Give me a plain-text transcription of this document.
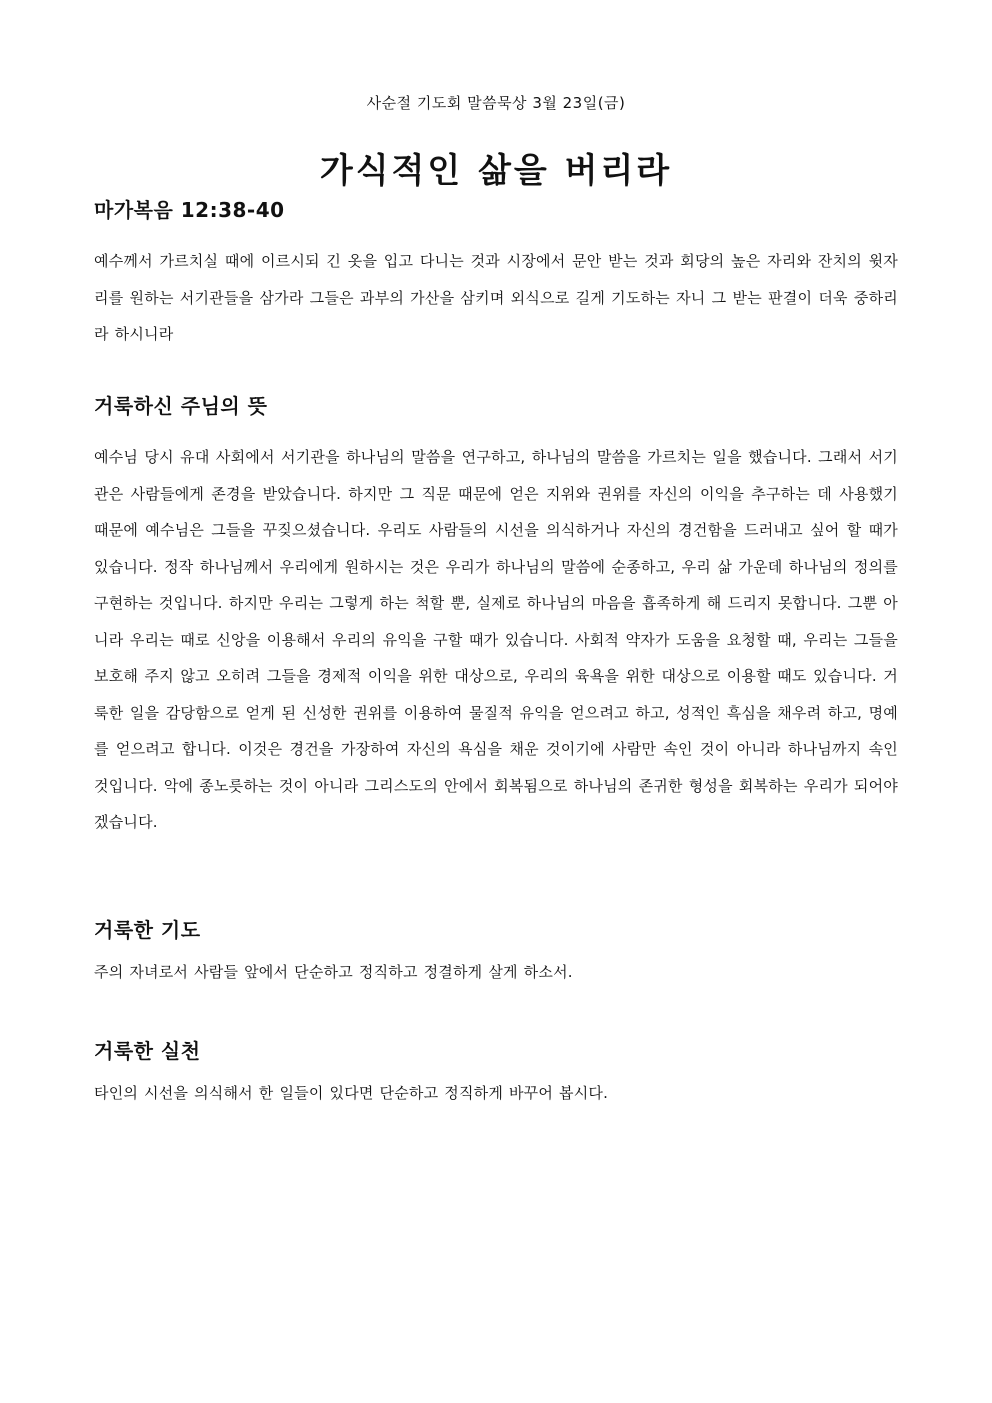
사순절 기도회 말씀묵상 3월 23일(금)
가식적인 삶을 버리라
마가복음 12:38-40

예수께서 가르치실 때에 이르시되 긴 옷을 입고 다니는 것과 시장에서 문안 받는 것과 회당의 높은 자리와 잔치의 윗자리를 원하는 서기관들을 삼가라 그들은 과부의 가산을 삼키며 외식으로 길게 기도하는 자니 그 받는 판결이 더욱 중하리라 하시니라

거룩하신 주님의 뜻

예수님 당시 유대 사회에서 서기관을 하나님의 말씀을 연구하고, 하나님의 말씀을 가르치는 일을 했습니다. 그래서 서기관은 사람들에게 존경을 받았습니다. 하지만 그 직문 때문에 얻은 지위와 권위를 자신의 이익을 추구하는 데 사용했기 때문에 예수님은 그들을 꾸짖으셨습니다. 우리도 사람들의 시선을 의식하거나 자신의 경건함을 드러내고 싶어 할 때가 있습니다. 정작 하나님께서 우리에게 원하시는 것은 우리가 하나님의 말씀에 순종하고, 우리 삶 가운데 하나님의 정의를 구현하는 것입니다. 하지만 우리는 그렇게 하는 척할 뿐, 실제로 하나님의 마음을 흡족하게 해 드리지 못합니다. 그뿐 아니라 우리는 때로 신앙을 이용해서 우리의 유익을 구할 때가 있습니다. 사회적 약자가 도움을 요청할 때, 우리는 그들을 보호해 주지 않고 오히려 그들을 경제적 이익을 위한 대상으로, 우리의 육욕을 위한 대상으로 이용할 때도 있습니다. 거룩한 일을 감당함으로 얻게 된 신성한 권위를 이용하여 물질적 유익을 얻으려고 하고, 성적인 흑심을 채우려 하고, 명예를 얻으려고 합니다. 이것은 경건을 가장하여 자신의 욕심을 채운 것이기에 사람만 속인 것이 아니라 하나님까지 속인 것입니다. 악에 종노릇하는 것이 아니라 그리스도의 안에서 회복됨으로 하나님의 존귀한 형성을 회복하는 우리가 되어야겠습니다.

거룩한 기도

주의 자녀로서 사람들 앞에서 단순하고 정직하고 정결하게 살게 하소서.

거룩한 실천

타인의 시선을 의식해서 한 일들이 있다면 단순하고 정직하게 바꾸어 봅시다.
